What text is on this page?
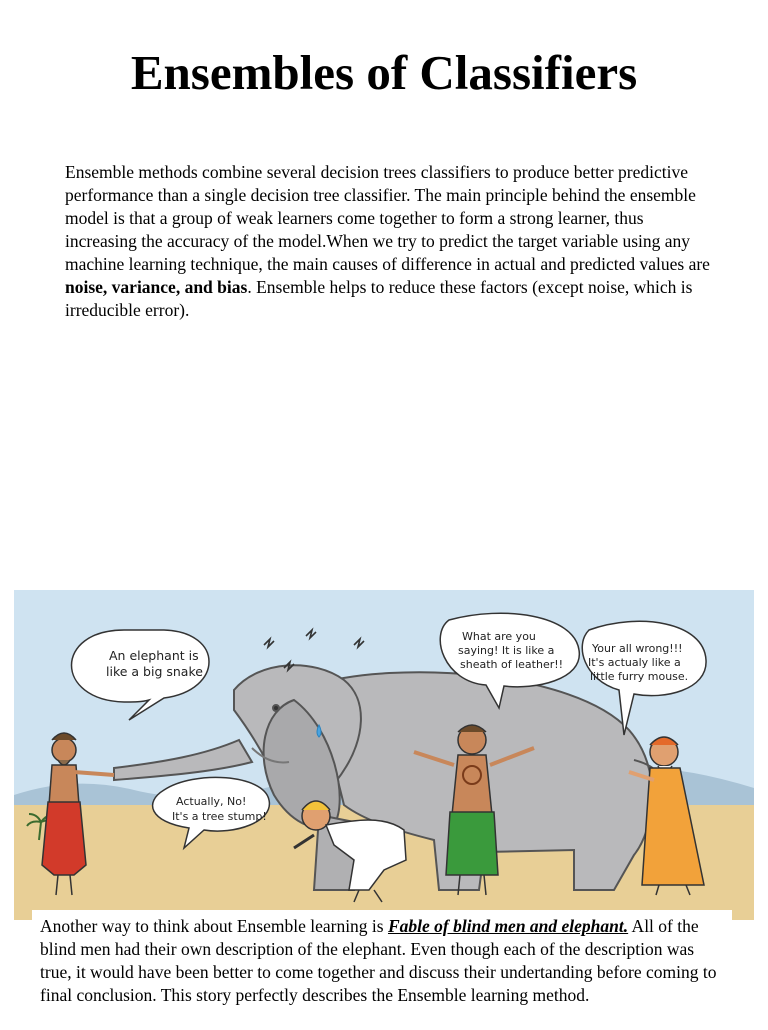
Ensembles of Classifiers

Ensemble methods combine several decision trees classifiers to produce better predictive performance than a single decision tree classifier. The main principle behind the ensemble model is that a group of weak learners come together to form a strong learner, thus increasing the accuracy of the model.When we try to predict the target variable using any machine learning technique, the main causes of difference in actual and predicted values are noise, variance, and bias. Ensemble helps to reduce these factors (except noise, which is irreducible error).

An elephant is
like a big snake
What are you
saying! It is like a
sheath of leather!!
Your all wrong!!!
It's actualy like a
little furry mouse.
Actually, No!
It's a tree stump!

Another way to think about Ensemble learning is Fable of blind men and elephant. All of the blind men had their own description of the elephant. Even though each of the description was true, it would have been better to come together and discuss their undertanding before coming to final conclusion. This story perfectly describes the Ensemble learning method.
